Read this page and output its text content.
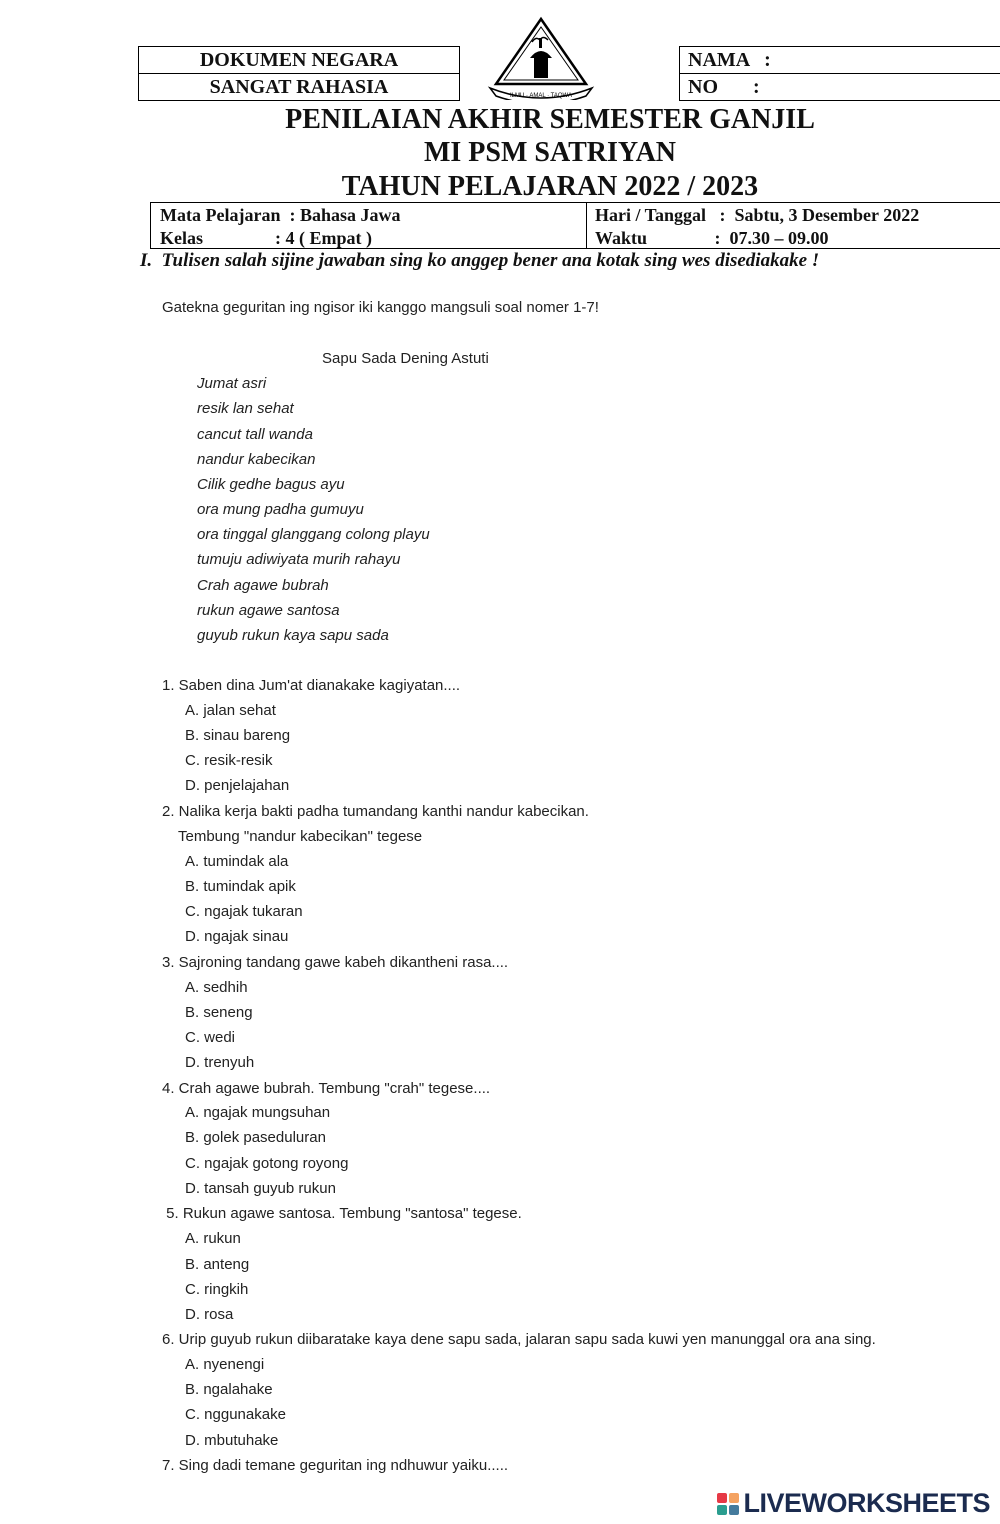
DOKUMEN NEGARA
SANGAT RAHASIA
NAMA   :
NO       :
ILMU · AMAL · TAQWA
PENILAIAN AKHIR SEMESTER GANJIL
MI PSM SATRIYAN
TAHUN PELAJARAN 2022 / 2023
Mata Pelajaran  : Bahasa Jawa
Kelas                : 4 ( Empat )
Hari / Tanggal   :  Sabtu, 3 Desember 2022
Waktu               :  07.30 – 09.00
I.  Tulisen salah sijine jawaban sing ko anggep bener ana kotak sing wes disediakake !
Gatekna geguritan ing ngisor iki kanggo mangsuli soal nomer 1-7!
Sapu Sada Dening Astuti
Jumat asri
resik lan sehat
cancut tall wanda
nandur kabecikan
Cilik gedhe bagus ayu
ora mung padha gumuyu
ora tinggal glanggang colong playu
tumuju adiwiyata murih rahayu
Crah agawe bubrah
rukun agawe santosa
guyub rukun kaya sapu sada
1. Saben dina Jum'at dianakake kagiyatan....
A. jalan sehat
B. sinau bareng
C. resik-resik
D. penjelajahan
2. Nalika kerja bakti padha tumandang kanthi nandur kabecikan.
Tembung "nandur kabecikan" tegese
A. tumindak ala
B. tumindak apik
C. ngajak tukaran
D. ngajak sinau
3. Sajroning tandang gawe kabeh dikantheni rasa....
A. sedhih
B. seneng
C. wedi
D. trenyuh
4. Crah agawe bubrah. Tembung "crah" tegese....
A. ngajak mungsuhan
B. golek paseduluran
C. ngajak gotong royong
D. tansah guyub rukun
5. Rukun agawe santosa. Tembung "santosa" tegese.
A. rukun
B. anteng
C. ringkih
D. rosa
6. Urip guyub rukun diibaratake kaya dene sapu sada, jalaran sapu sada kuwi yen manunggal ora ana sing.
A. nyenengi
B. ngalahake
C. nggunakake
D. mbutuhake
7. Sing dadi temane geguritan ing ndhuwur yaiku.....
LIVEWORKSHEETS
